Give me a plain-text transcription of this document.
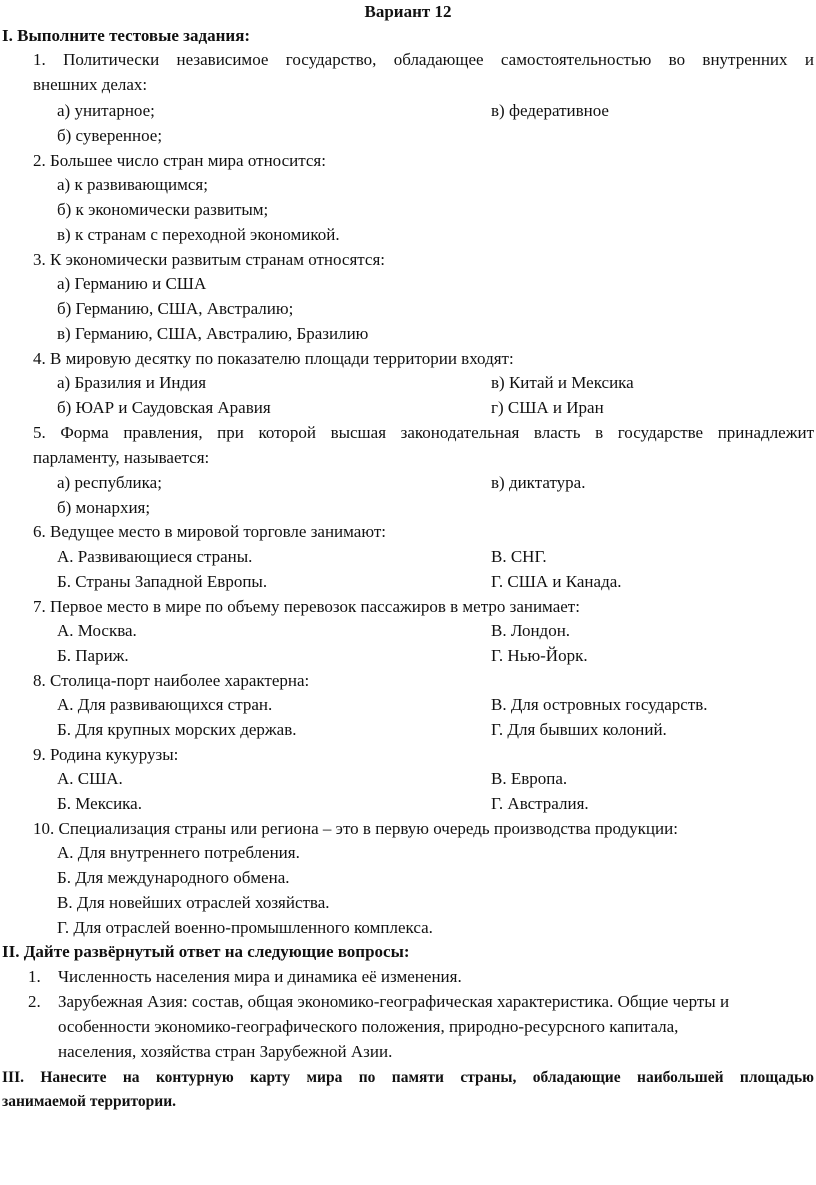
Вариант 12
I. Выполните тестовые задания:
1. Политически независимое государство, обладающее самостоятельностью во внутренних и
внешних делах:
а) унитарное;	в) федеративное
б) суверенное;
2. Большее число стран мира относится:
а) к развивающимся;
б) к экономически развитым;
в) к странам с переходной экономикой.
3. К экономически развитым странам относятся:
а) Германию и США
б) Германию, США, Австралию;
в) Германию, США, Австралию, Бразилию
4. В мировую десятку по показателю площади территории входят:
а) Бразилия и Индия	в) Китай и Мексика
б) ЮАР и Саудовская Аравия	г) США и Иран
5. Форма правления, при которой высшая законодательная власть в государстве принадлежит
парламенту, называется:
а) республика;	в) диктатура.
б) монархия;
6. Ведущее место в мировой торговле занимают:
А. Развивающиеся страны.	В. СНГ.
Б. Страны Западной Европы.	Г. США и Канада.
7. Первое место в мире по объему перевозок пассажиров в метро занимает:
А. Москва.	В. Лондон.
Б. Париж.	Г. Нью-Йорк.
8. Столица-порт наиболее характерна:
А. Для развивающихся стран.	В. Для островных государств.
Б. Для крупных морских держав.	Г. Для бывших колоний.
9. Родина кукурузы:
А. США.	В. Европа.
Б. Мексика.	Г. Австралия.
10. Специализация страны или региона – это в первую очередь производства продукции:
А. Для внутреннего потребления.
Б. Для международного обмена.
В. Для новейших отраслей хозяйства.
Г. Для отраслей военно-промышленного комплекса.
II. Дайте развёрнутый ответ на следующие вопросы:
1. Численность населения мира и динамика её изменения.
2. Зарубежная Азия: состав, общая экономико-географическая характеристика. Общие черты и
особенности экономико-географического положения, природно-ресурсного капитала,
населения, хозяйства стран Зарубежной Азии.
III. Нанесите на контурную карту мира по памяти страны, обладающие наибольшей площадью
занимаемой территории.
